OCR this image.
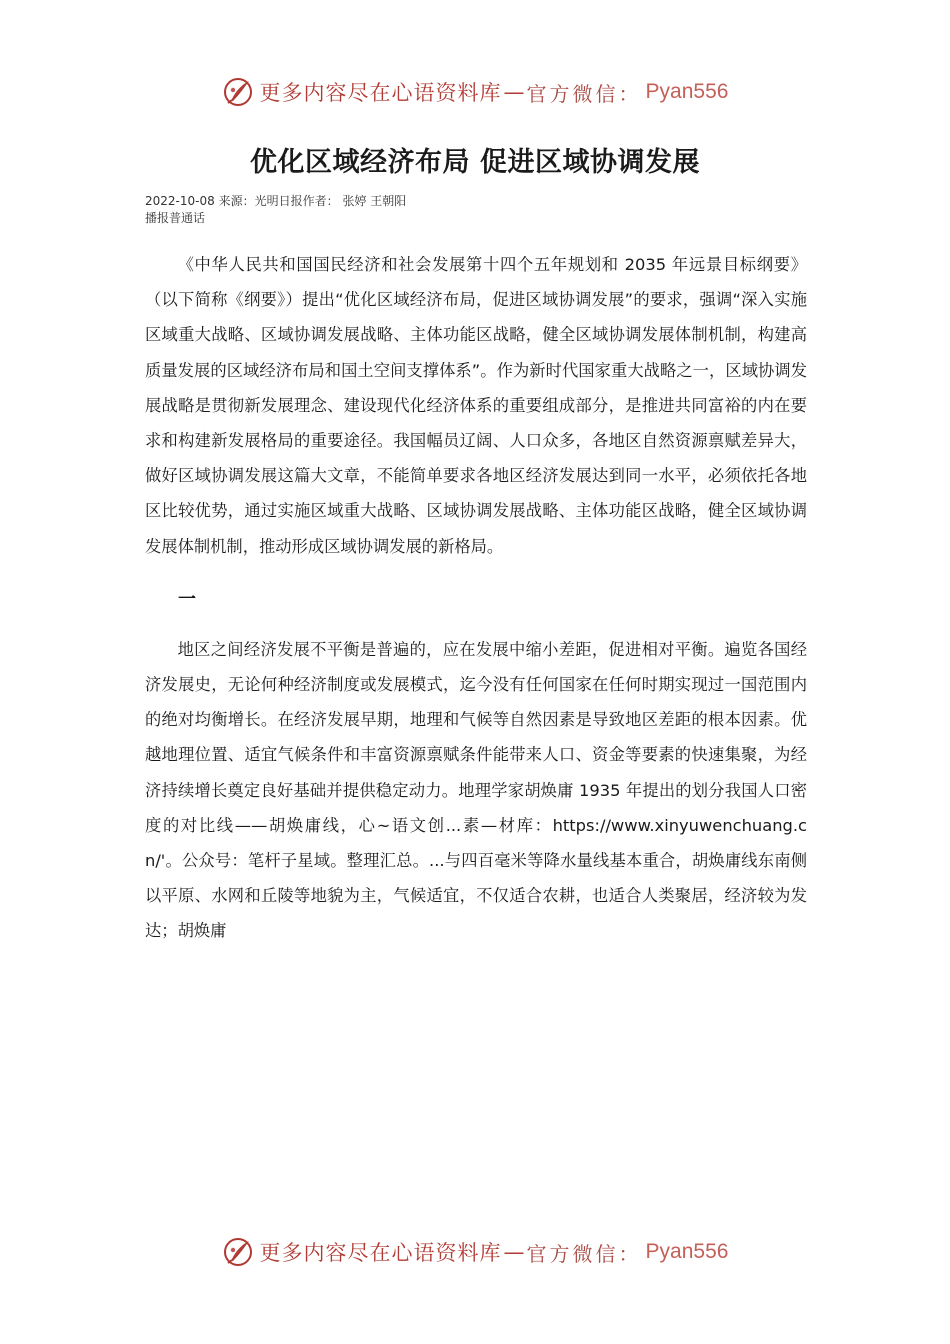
更多内容尽在心语资料库 — 官方微信： Pyan556
优化区域经济布局 促进区域协调发展
2022-10-08 来源：光明日报作者： 张婷 王朝阳
播报普通话

《中华人民共和国国民经济和社会发展第十四个五年规划和 2035 年远景目标纲要》（以下简称《纲要》）提出“优化区域经济布局，促进区域协调发展”的要求，强调“深入实施区域重大战略、区域协调发展战略、主体功能区战略，健全区域协调发展体制机制，构建高质量发展的区域经济布局和国土空间支撑体系”。作为新时代国家重大战略之一，区域协调发展战略是贯彻新发展理念、建设现代化经济体系的重要组成部分，是推进共同富裕的内在要求和构建新发展格局的重要途径。我国幅员辽阔、人口众多，各地区自然资源禀赋差异大，做好区域协调发展这篇大文章，不能简单要求各地区经济发展达到同一水平，必须依托各地区比较优势，通过实施区域重大战略、区域协调发展战略、主体功能区战略，健全区域协调发展体制机制，推动形成区域协调发展的新格局。

一

地区之间经济发展不平衡是普遍的，应在发展中缩小差距，促进相对平衡。遍览各国经济发展史，无论何种经济制度或发展模式，迄今没有任何国家在任何时期实现过一国范围内的绝对均衡增长。在经济发展早期，地理和气候等自然因素是导致地区差距的根本因素。优越地理位置、适宜气候条件和丰富资源禀赋条件能带来人口、资金等要素的快速集聚，为经济持续增长奠定良好基础并提供稳定动力。地理学家胡焕庸 1935 年提出的划分我国人口密度的对比线——胡焕庸线，心~语文创...素—材库：https://www.xinyuwenchuang.cn/'。公众号：笔杆子星域。整理汇总。...与四百毫米等降水量线基本重合，胡焕庸线东南侧以平原、水网和丘陵等地貌为主，气候适宜，不仅适合农耕，也适合人类聚居，经济较为发达；胡焕庸

更多内容尽在心语资料库 — 官方微信： Pyan556
